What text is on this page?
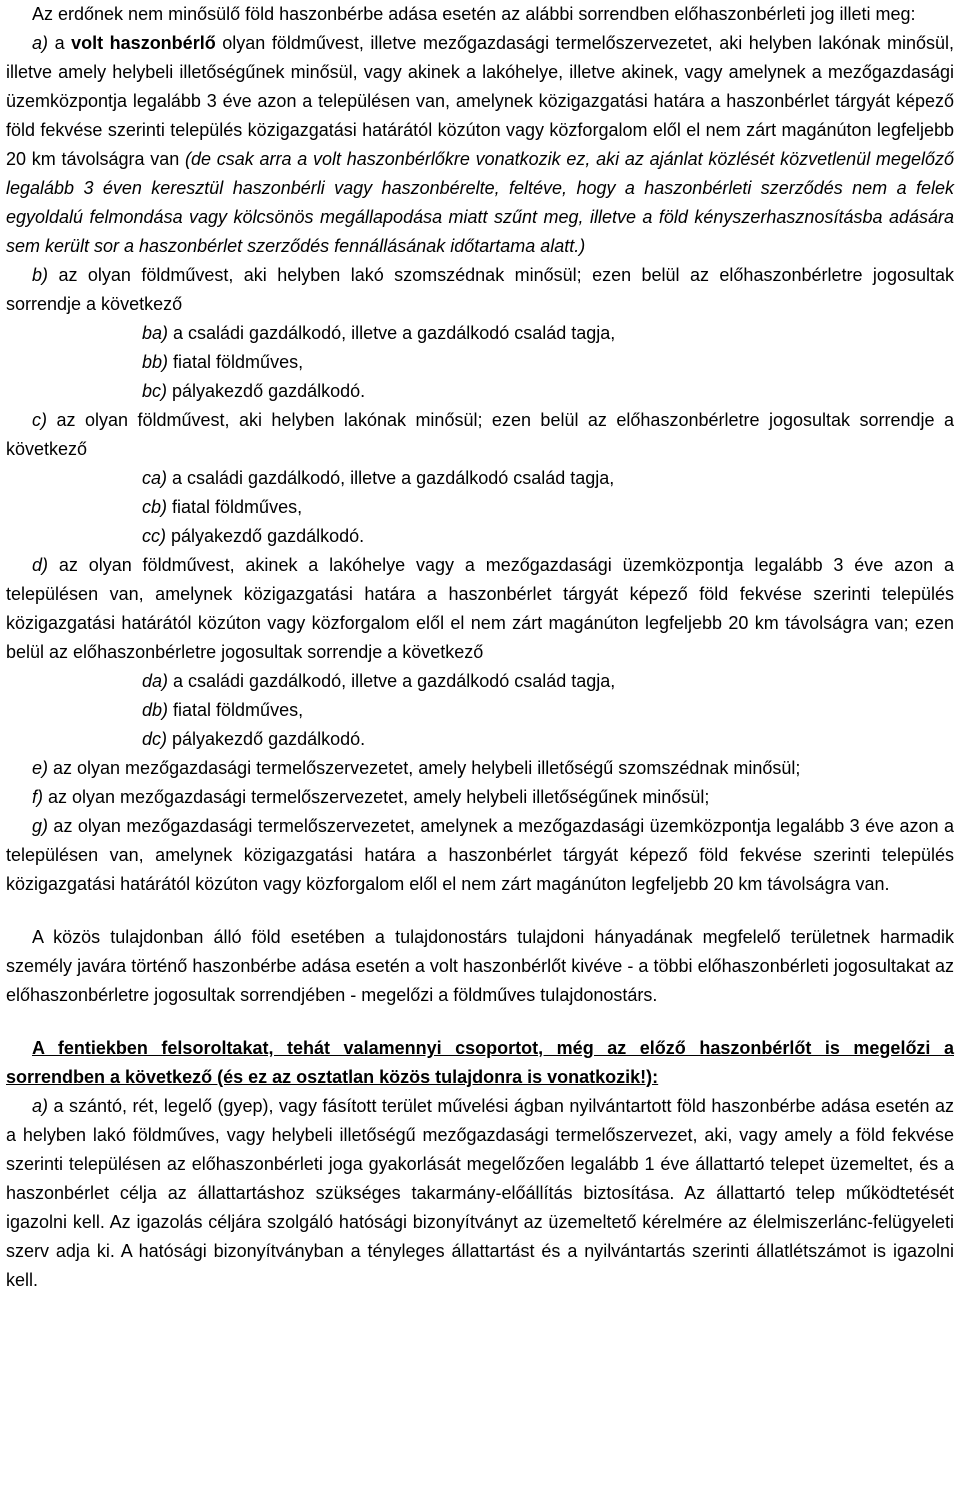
Az erdőnek nem minősülő föld haszonbérbe adása esetén az alábbi sorrendben előhaszonbérleti jog illeti meg:

a) a volt haszonbérlő olyan földművest, illetve mezőgazdasági termelőszervezetet, aki helyben lakónak minősül, illetve amely helybeli illetőségűnek minősül, vagy akinek a lakóhelye, illetve akinek, vagy amelynek a mezőgazdasági üzemközpontja legalább 3 éve azon a településen van, amelynek közigazgatási határa a haszonbérlet tárgyát képező föld fekvése szerinti település közigazgatási határától közúton vagy közforgalom elől el nem zárt magánúton legfeljebb 20 km távolságra van (de csak arra a volt haszonbérlőkre vonatkozik ez, aki az ajánlat közlését közvetlenül megelőző legalább 3 éven keresztül haszonbérli vagy haszonbérelte, feltéve, hogy a haszonbérleti szerződés nem a felek egyoldalú felmondása vagy kölcsönös megállapodása miatt szűnt meg, illetve a föld kényszerhasznosításba adására sem került sor a haszonbérlet szerződés fennállásának időtartama alatt.)

b) az olyan földművest, aki helyben lakó szomszédnak minősül; ezen belül az előhaszonbérletre jogosultak sorrendje a következő

ba) a családi gazdálkodó, illetve a gazdálkodó család tagja,

bb) fiatal földműves,

bc) pályakezdő gazdálkodó.

c) az olyan földművest, aki helyben lakónak minősül; ezen belül az előhaszonbérletre jogosultak sorrendje a következő

ca) a családi gazdálkodó, illetve a gazdálkodó család tagja,

cb) fiatal földműves,

cc) pályakezdő gazdálkodó.

d) az olyan földművest, akinek a lakóhelye vagy a mezőgazdasági üzemközpontja legalább 3 éve azon a településen van, amelynek közigazgatási határa a haszonbérlet tárgyát képező föld fekvése szerinti település közigazgatási határától közúton vagy közforgalom elől el nem zárt magánúton legfeljebb 20 km távolságra van; ezen belül az előhaszonbérletre jogosultak sorrendje a következő

da) a családi gazdálkodó, illetve a gazdálkodó család tagja,

db) fiatal földműves,

dc) pályakezdő gazdálkodó.

e) az olyan mezőgazdasági termelőszervezetet, amely helybeli illetőségű szomszédnak minősül;

f) az olyan mezőgazdasági termelőszervezetet, amely helybeli illetőségűnek minősül;

g) az olyan mezőgazdasági termelőszervezetet, amelynek a mezőgazdasági üzemközpontja legalább 3 éve azon a településen van, amelynek közigazgatási határa a haszonbérlet tárgyát képező föld fekvése szerinti település közigazgatási határától közúton vagy közforgalom elől el nem zárt magánúton legfeljebb 20 km távolságra van.

A közös tulajdonban álló föld esetében a tulajdonostárs tulajdoni hányadának megfelelő területnek harmadik személy javára történő haszonbérbe adása esetén a volt haszonbérlőt kivéve - a többi előhaszonbérleti jogosultakat az előhaszonbérletre jogosultak sorrendjében - megelőzi a földműves tulajdonostárs.

A fentiekben felsoroltakat, tehát valamennyi csoportot, még az előző haszonbérlőt is megelőzi a sorrendben a következő (és ez az osztatlan közös tulajdonra is vonatkozik!):

a) a szántó, rét, legelő (gyep), vagy fásított terület művelési ágban nyilvántartott föld haszonbérbe adása esetén az a helyben lakó földműves, vagy helybeli illetőségű mezőgazdasági termelőszervezet, aki, vagy amely a föld fekvése szerinti településen az előhaszonbérleti joga gyakorlását megelőzően legalább 1 éve állattartó telepet üzemeltet, és a haszonbérlet célja az állattartáshoz szükséges takarmány-előállítás biztosítása. Az állattartó telep működtetését igazolni kell. Az igazolás céljára szolgáló hatósági bizonyítványt az üzemeltető kérelmére az élelmiszerlánc-felügyeleti szerv adja ki. A hatósági bizonyítványban a tényleges állattartást és a nyilvántartás szerinti állatlétszámot is igazolni kell.
